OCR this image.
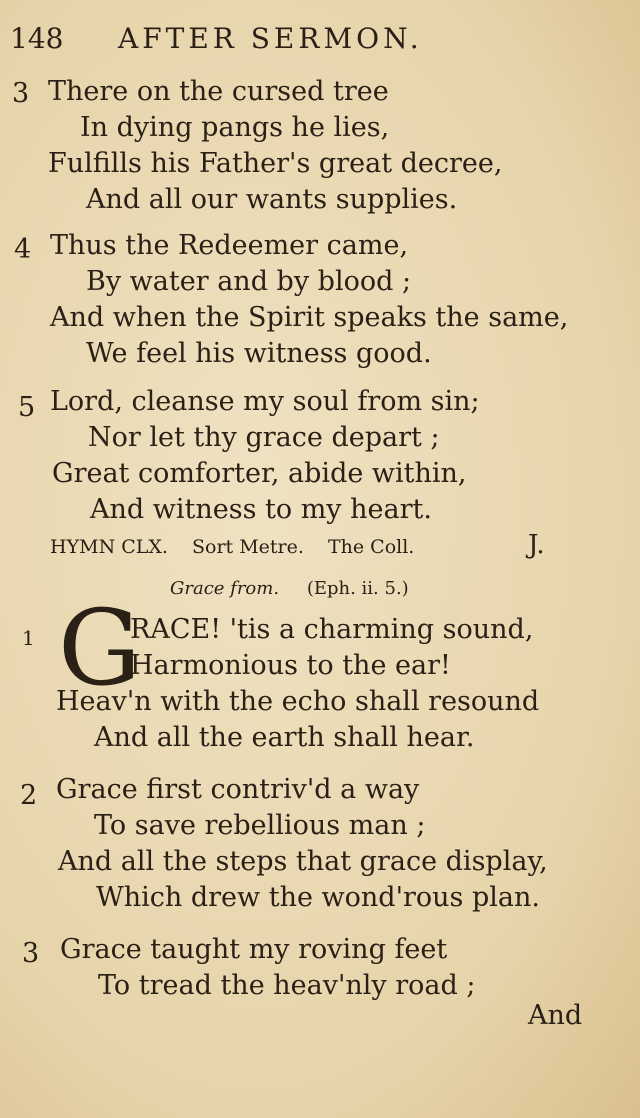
148 AFTER SERMON.
3 There on the cursed tree
In dying pangs he lies,
Fulfills his Father's great decree,
And all our wants supplies.
4 Thus the Redeemer came,
By water and by blood ;
And when the Spirit speaks the same,
We feel his witness good.
5 Lord, cleanse my soul from sin;
Nor let thy grace depart ;
Great comforter, abide within,
And witness to my heart.
HYMN CLX. Sort Metre. The Coll.	J.
Grace from. (Eph. ii. 5.)
1 G
RACE! 'tis a charming sound,
Harmonious to the ear!
Heav'n with the echo shall resound
And all the earth shall hear.
2 Grace first contriv'd a way
To save rebellious man ;
And all the steps that grace display,
Which drew the wond'rous plan.
3 Grace taught my roving feet
To tread the heav'nly road ;
And
